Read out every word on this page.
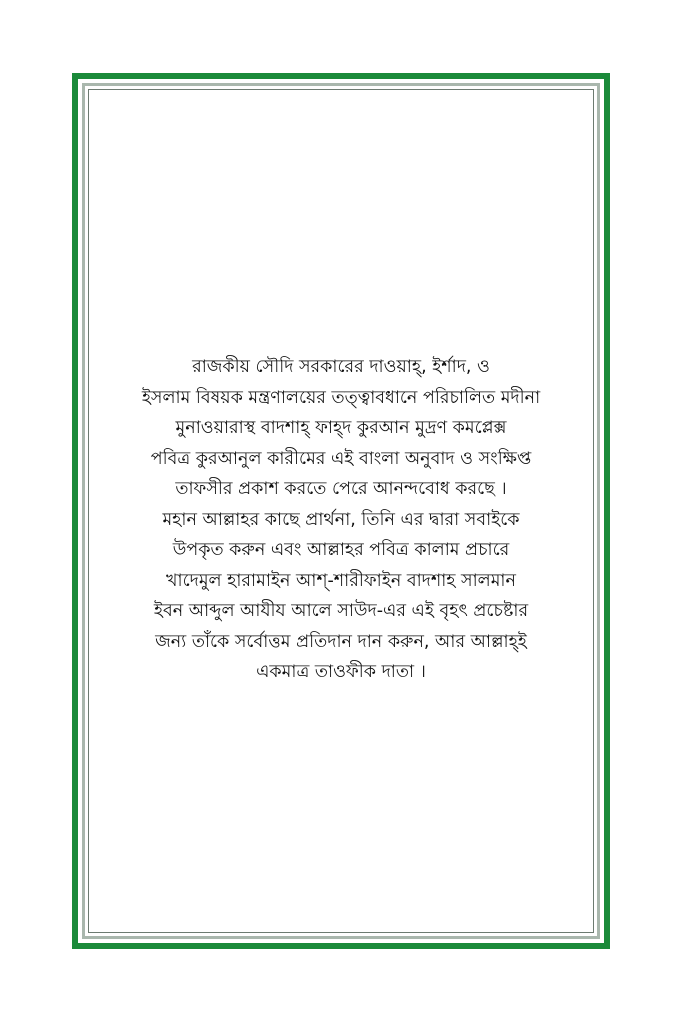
রাজকীয় সৌদি সরকারের দাওয়াহ্, ইর্শাদ, ও
ইসলাম বিষয়ক মন্ত্রণালয়ের তত্ত্বাবধানে পরিচালিত মদীনা
মুনাওয়ারাস্থ বাদশাহ্ ফাহ্দ কুরআন মুদ্রণ কমপ্লেক্স
পবিত্র কুরআনুল কারীমের এই বাংলা অনুবাদ ও সংক্ষিপ্ত
তাফসীর প্রকাশ করতে পেরে আনন্দবোধ করছে ।
মহান আল্লাহর কাছে প্রার্থনা, তিনি এর দ্বারা সবাইকে
উপকৃত করুন এবং আল্লাহর পবিত্র কালাম প্রচারে
খাদেমুল হারামাইন আশ্-শারীফাইন বাদশাহ সালমান
ইবন আব্দুল আযীয আলে সাউদ-এর এই বৃহৎ প্রচেষ্টার
জন্য তাঁকে সর্বোত্তম প্রতিদান দান করুন, আর আল্লাহ্ই
একমাত্র তাওফীক দাতা ।
